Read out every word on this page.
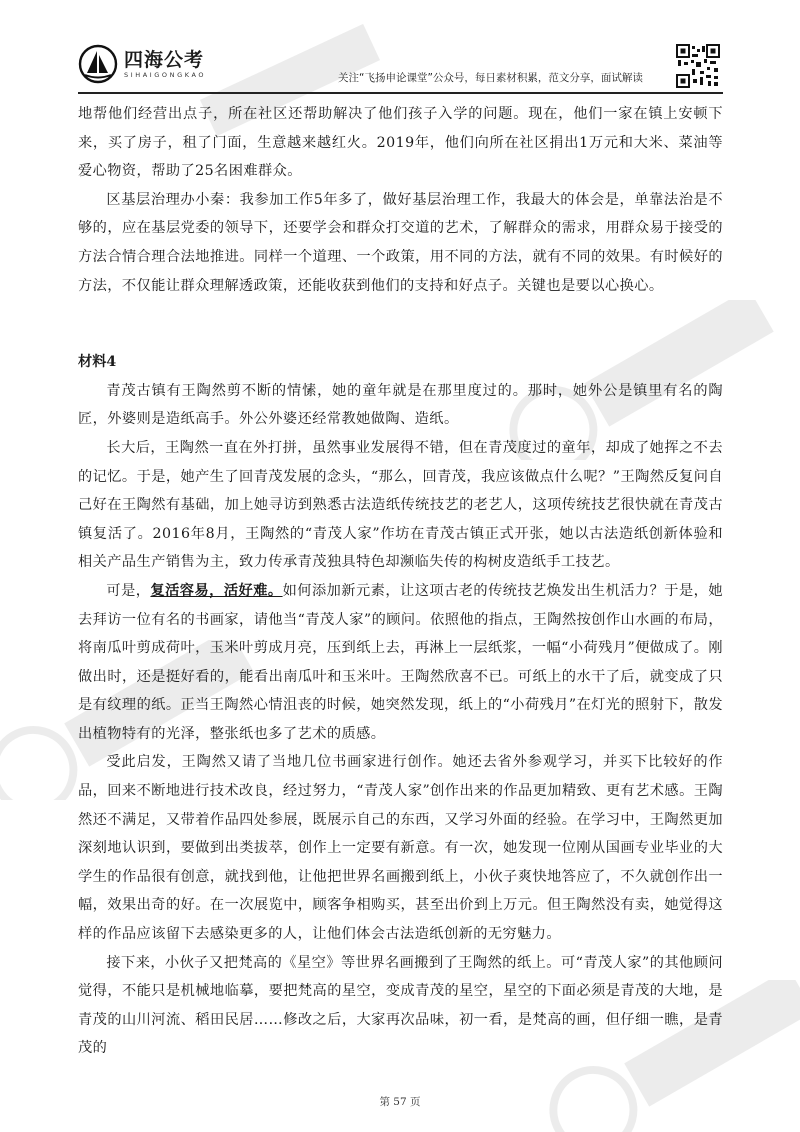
四海公考
SIHAIGONGKAO	关注“飞扬申论课堂”公众号，每日素材积累，范文分享，面试解读

地帮他们经营出点子，所在社区还帮助解决了他们孩子入学的问题。现在，他们一家在镇上安顿下来，买了房子，租了门面，生意越来越红火。2019年，他们向所在社区捐出1万元和大米、菜油等爱心物资，帮助了25名困难群众。

区基层治理办小秦：我参加工作5年多了，做好基层治理工作，我最大的体会是，单靠法治是不够的，应在基层党委的领导下，还要学会和群众打交道的艺术，了解群众的需求，用群众易于接受的方法合情合理合法地推进。同样一个道理、一个政策，用不同的方法，就有不同的效果。有时候好的方法，不仅能让群众理解透政策，还能收获到他们的支持和好点子。关键也是要以心换心。

材料4

青茂古镇有王陶然剪不断的情愫，她的童年就是在那里度过的。那时，她外公是镇里有名的陶匠，外婆则是造纸高手。外公外婆还经常教她做陶、造纸。

长大后，王陶然一直在外打拼，虽然事业发展得不错，但在青茂度过的童年，却成了她挥之不去的记忆。于是，她产生了回青茂发展的念头，“那么，回青茂，我应该做点什么呢？”王陶然反复问自己好在王陶然有基础，加上她寻访到熟悉古法造纸传统技艺的老艺人，这项传统技艺很快就在青茂古镇复活了。2016年8月，王陶然的“青茂人家”作坊在青茂古镇正式开张，她以古法造纸创新体验和相关产品生产销售为主，致力传承青茂独具特色却濒临失传的构树皮造纸手工技艺。

可是，复活容易，活好难。如何添加新元素，让这项古老的传统技艺焕发出生机活力？于是，她去拜访一位有名的书画家，请他当“青茂人家”的顾问。依照他的指点，王陶然按创作山水画的布局，将南瓜叶剪成荷叶，玉米叶剪成月亮，压到纸上去，再淋上一层纸浆，一幅“小荷残月”便做成了。刚做出时，还是挺好看的，能看出南瓜叶和玉米叶。王陶然欣喜不已。可纸上的水干了后，就变成了只是有纹理的纸。正当王陶然心情沮丧的时候，她突然发现，纸上的“小荷残月”在灯光的照射下，散发出植物特有的光泽，整张纸也多了艺术的质感。

受此启发，王陶然又请了当地几位书画家进行创作。她还去省外参观学习，并买下比较好的作品，回来不断地进行技术改良，经过努力，“青茂人家”创作出来的作品更加精致、更有艺术感。王陶然还不满足，又带着作品四处参展，既展示自己的东西，又学习外面的经验。在学习中，王陶然更加深刻地认识到，要做到出类拔萃，创作上一定要有新意。有一次，她发现一位刚从国画专业毕业的大学生的作品很有创意，就找到他，让他把世界名画搬到纸上，小伙子爽快地答应了，不久就创作出一幅，效果出奇的好。在一次展览中，顾客争相购买，甚至出价到上万元。但王陶然没有卖，她觉得这样的作品应该留下去感染更多的人，让他们体会古法造纸创新的无穷魅力。

接下来，小伙子又把梵高的《星空》等世界名画搬到了王陶然的纸上。可“青茂人家”的其他顾问觉得，不能只是机械地临摹，要把梵高的星空，变成青茂的星空，星空的下面必须是青茂的大地，是青茂的山川河流、稻田民居……修改之后，大家再次品味，初一看，是梵高的画，但仔细一瞧，是青茂的

第 57 页
